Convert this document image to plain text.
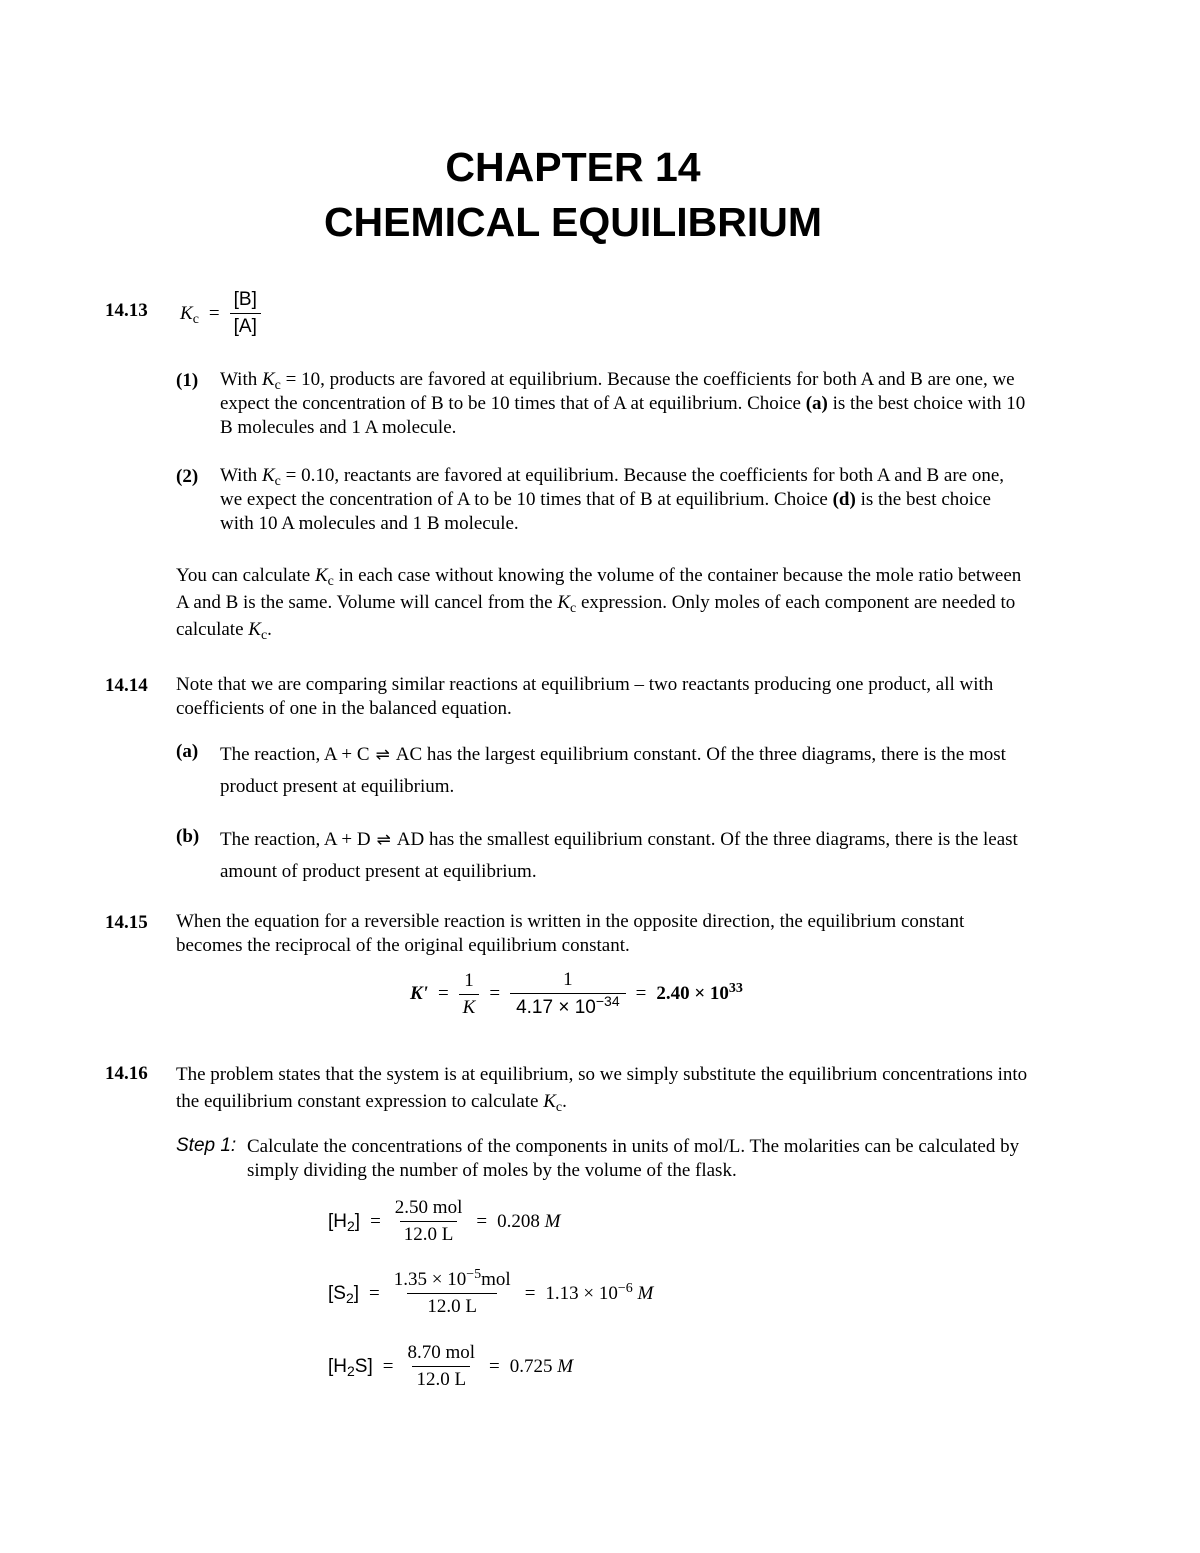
CHAPTER 14
CHEMICAL EQUILIBRIUM
14.13 $K_c = \frac{[B]}{[A]}$
(1) With $K_c = 10$, products are favored at equilibrium. Because the coefficients for both A and B are one, we expect the concentration of B to be 10 times that of A at equilibrium. Choice (a) is the best choice with 10 B molecules and 1 A molecule.
(2) With $K_c = 0.10$, reactants are favored at equilibrium. Because the coefficients for both A and B are one, we expect the concentration of A to be 10 times that of B at equilibrium. Choice (d) is the best choice with 10 A molecules and 1 B molecule.
You can calculate $K_c$ in each case without knowing the volume of the container because the mole ratio between A and B is the same. Volume will cancel from the $K_c$ expression. Only moles of each component are needed to calculate $K_c$.
14.14 Note that we are comparing similar reactions at equilibrium – two reactants producing one product, all with coefficients of one in the balanced equation.
(a) The reaction, A + C ⇌ AC has the largest equilibrium constant. Of the three diagrams, there is the most product present at equilibrium.
(b) The reaction, A + D ⇌ AD has the smallest equilibrium constant. Of the three diagrams, there is the least amount of product present at equilibrium.
14.15 When the equation for a reversible reaction is written in the opposite direction, the equilibrium constant becomes the reciprocal of the original equilibrium constant.
$K' = \frac{1}{K} = \frac{1}{4.17 \times 10^{-34}} = 2.40 \times 10^{33}$
14.16 The problem states that the system is at equilibrium, so we simply substitute the equilibrium concentrations into the equilibrium constant expression to calculate $K_c$.
Step 1: Calculate the concentrations of the components in units of mol/L. The molarities can be calculated by simply dividing the number of moles by the volume of the flask.
$[H_2] = \frac{\text{2.50 mol}}{12.0 L} = 0.208$ M
$[S_2] = \frac{1.35 \times 10^{-5}mol}{12.0 L} = 1.13 \times 10^{-6}$ M
$[H_2S] = \frac{\text{8.70 mol}}{12.0 L} = 0.725$ M
